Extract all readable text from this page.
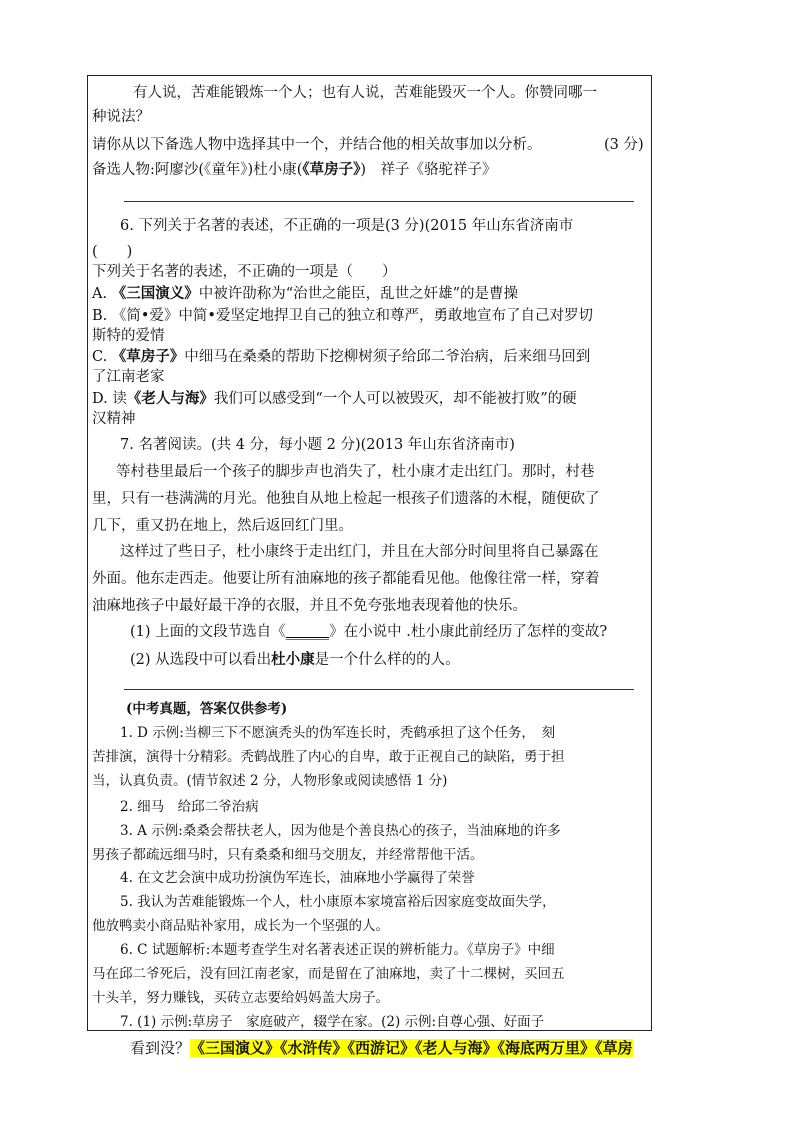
有人说，苦难能锻炼一个人；也有人说，苦难能毁灭一个人。你赞同哪一
种说法？
请你从以下备选人物中选择其中一个，并结合他的相关故事加以分析。	(3 分)
备选人物:阿廖沙(《童年》)杜小康(《草房子》)　祥子《骆驼祥子》
6. 下列关于名著的表述，不正确的一项是(3 分)(2015 年山东省济南市
(　　)
下列关于名著的表述，不正确的一项是（　　）
A. 《三国演义》中被许劭称为“治世之能臣，乱世之奸雄”的是曹操
B. 《简•爱》中简•爱坚定地捍卫自己的独立和尊严，勇敢地宣布了自己对罗切
斯特的爱情
C. 《草房子》中细马在桑桑的帮助下挖柳树须子给邱二爷治病，后来细马回到
了江南老家
D. 读《老人与海》我们可以感受到“一个人可以被毁灭，却不能被打败”的硬
汉精神
7. 名著阅读。(共 4 分，每小题 2 分)(2013 年山东省济南市)
等村巷里最后一个孩子的脚步声也消失了，杜小康才走出红门。那时，村巷
里，只有一巷满满的月光。他独自从地上检起一根孩子们遗落的木棍，随便砍了
几下，重又扔在地上，然后返回红门里。
这样过了些日子，杜小康终于走出红门，并且在大部分时间里将自己暴露在
外面。他东走西走。他要让所有油麻地的孩子都能看见他。他像往常一样，穿着
油麻地孩子中最好最干净的衣服，并且不免夸张地表现着他的快乐。
(1) 上面的文段节选自《______》在小说中 .杜小康此前经历了怎样的变故?
(2) 从选段中可以看出杜小康是一个什么样的的人。
(中考真题，答案仅供参考)
1. D 示例:当柳三下不愿演秃头的伪军连长时，秃鹤承担了这个任务，　刻
苦排演，演得十分精彩。秃鹤战胜了内心的自卑，敢于正视自己的缺陷，勇于担
当，认真负责。(情节叙述 2 分，人物形象或阅读感悟 1 分)
2. 细马　给邱二爷治病
3. A 示例:桑桑会帮扶老人，因为他是个善良热心的孩子，当油麻地的许多
男孩子都疏远细马时，只有桑桑和细马交朋友，并经常帮他干活。
4. 在文艺会演中成功扮演伪军连长，油麻地小学赢得了荣誉
5. 我认为苦难能锻炼一个人，杜小康原本家境富裕后因家庭变故面失学，
他放鸭卖小商品贴补家用，成长为一个坚强的人。
6. C 试题解析:本题考查学生对名著表述正误的辨析能力。《草房子》中细
马在邱二爷死后，没有回江南老家，而是留在了油麻地，卖了十二棵树，买回五
十头羊，努力赚钱，买砖立志要给妈妈盖大房子。
7. (1) 示例:草房子　家庭破产，辍学在家。(2) 示例:自尊心强、好面子
看到没？《三国演义》《水浒传》《西游记》《老人与海》《海底两万里》《草房
